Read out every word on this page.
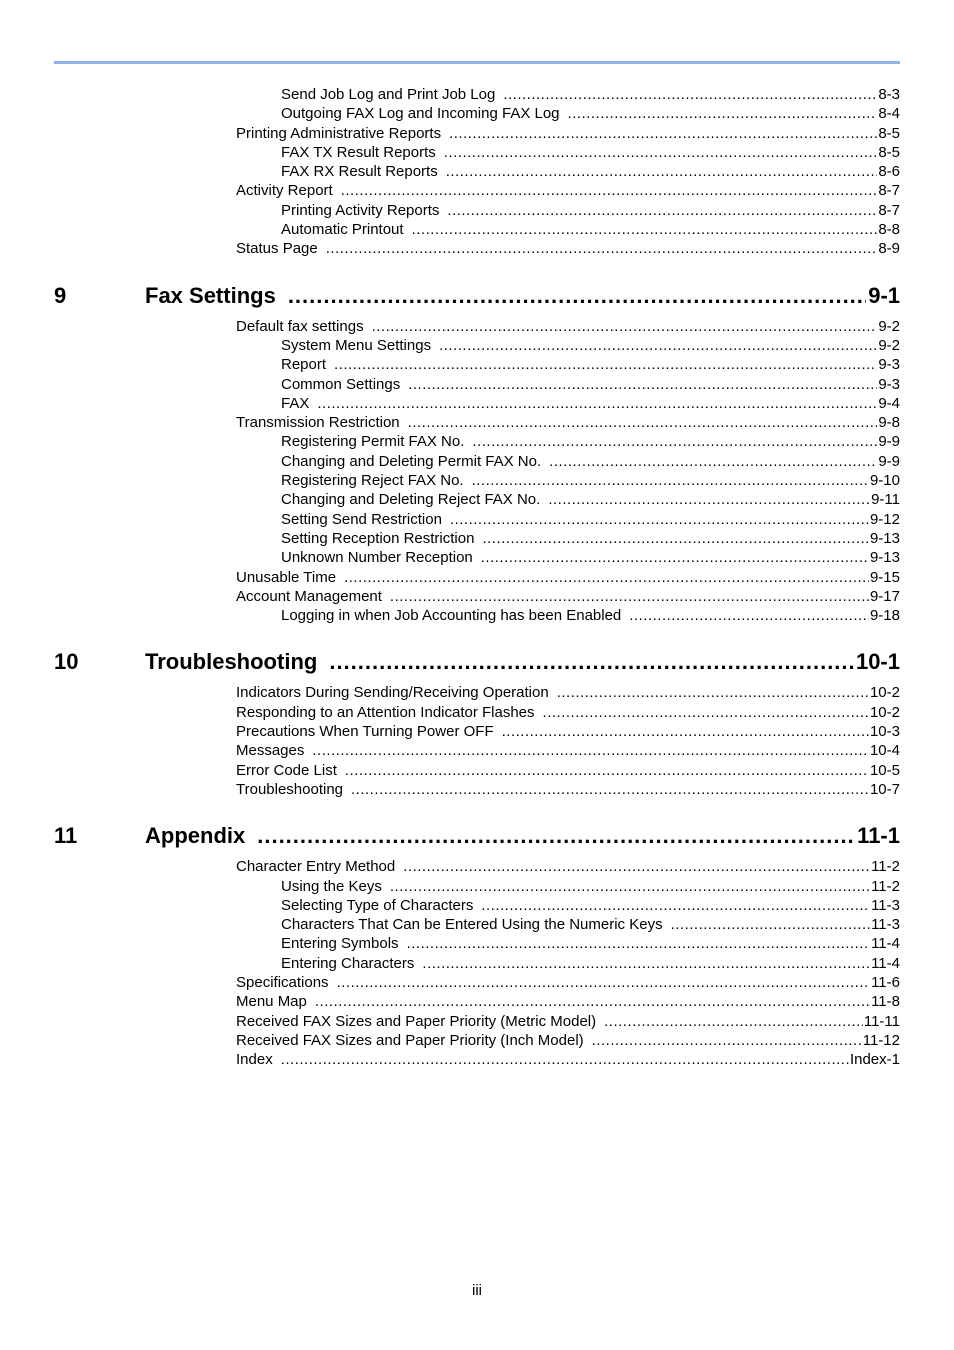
Send Job Log and Print Job Log .....	8-3
Outgoing FAX Log and Incoming FAX Log .....	8-4
Printing Administrative Reports .....	8-5
FAX TX Result Reports .....	8-5
FAX RX Result Reports .....	8-6
Activity Report .....	8-7
Printing Activity Reports .....	8-7
Automatic Printout .....	8-8
Status Page .....	8-9
9	Fax Settings .....	9-1
Default fax settings .....	9-2
System Menu Settings .....	9-2
Report .....	9-3
Common Settings .....	9-3
FAX .....	9-4
Transmission Restriction .....	9-8
Registering Permit FAX No. .....	9-9
Changing and Deleting Permit FAX No. .....	9-9
Registering Reject FAX No. .....	9-10
Changing and Deleting Reject FAX No. .....	9-11
Setting Send Restriction .....	9-12
Setting Reception Restriction .....	9-13
Unknown Number Reception .....	9-13
Unusable Time .....	9-15
Account Management .....	9-17
Logging in when Job Accounting has been Enabled .....	9-18
10	Troubleshooting .....	10-1
Indicators During Sending/Receiving Operation .....	10-2
Responding to an Attention Indicator Flashes .....	10-2
Precautions When Turning Power OFF .....	10-3
Messages .....	10-4
Error Code List .....	10-5
Troubleshooting .....	10-7
11	Appendix .....	11-1
Character Entry Method .....	11-2
Using the Keys .....	11-2
Selecting Type of Characters .....	11-3
Characters That Can be Entered Using the Numeric Keys .....	11-3
Entering Symbols .....	11-4
Entering Characters .....	11-4
Specifications .....	11-6
Menu Map .....	11-8
Received FAX Sizes and Paper Priority (Metric Model) .....	11-11
Received FAX Sizes and Paper Priority (Inch Model) .....	11-12
Index .....	Index-1
iii
